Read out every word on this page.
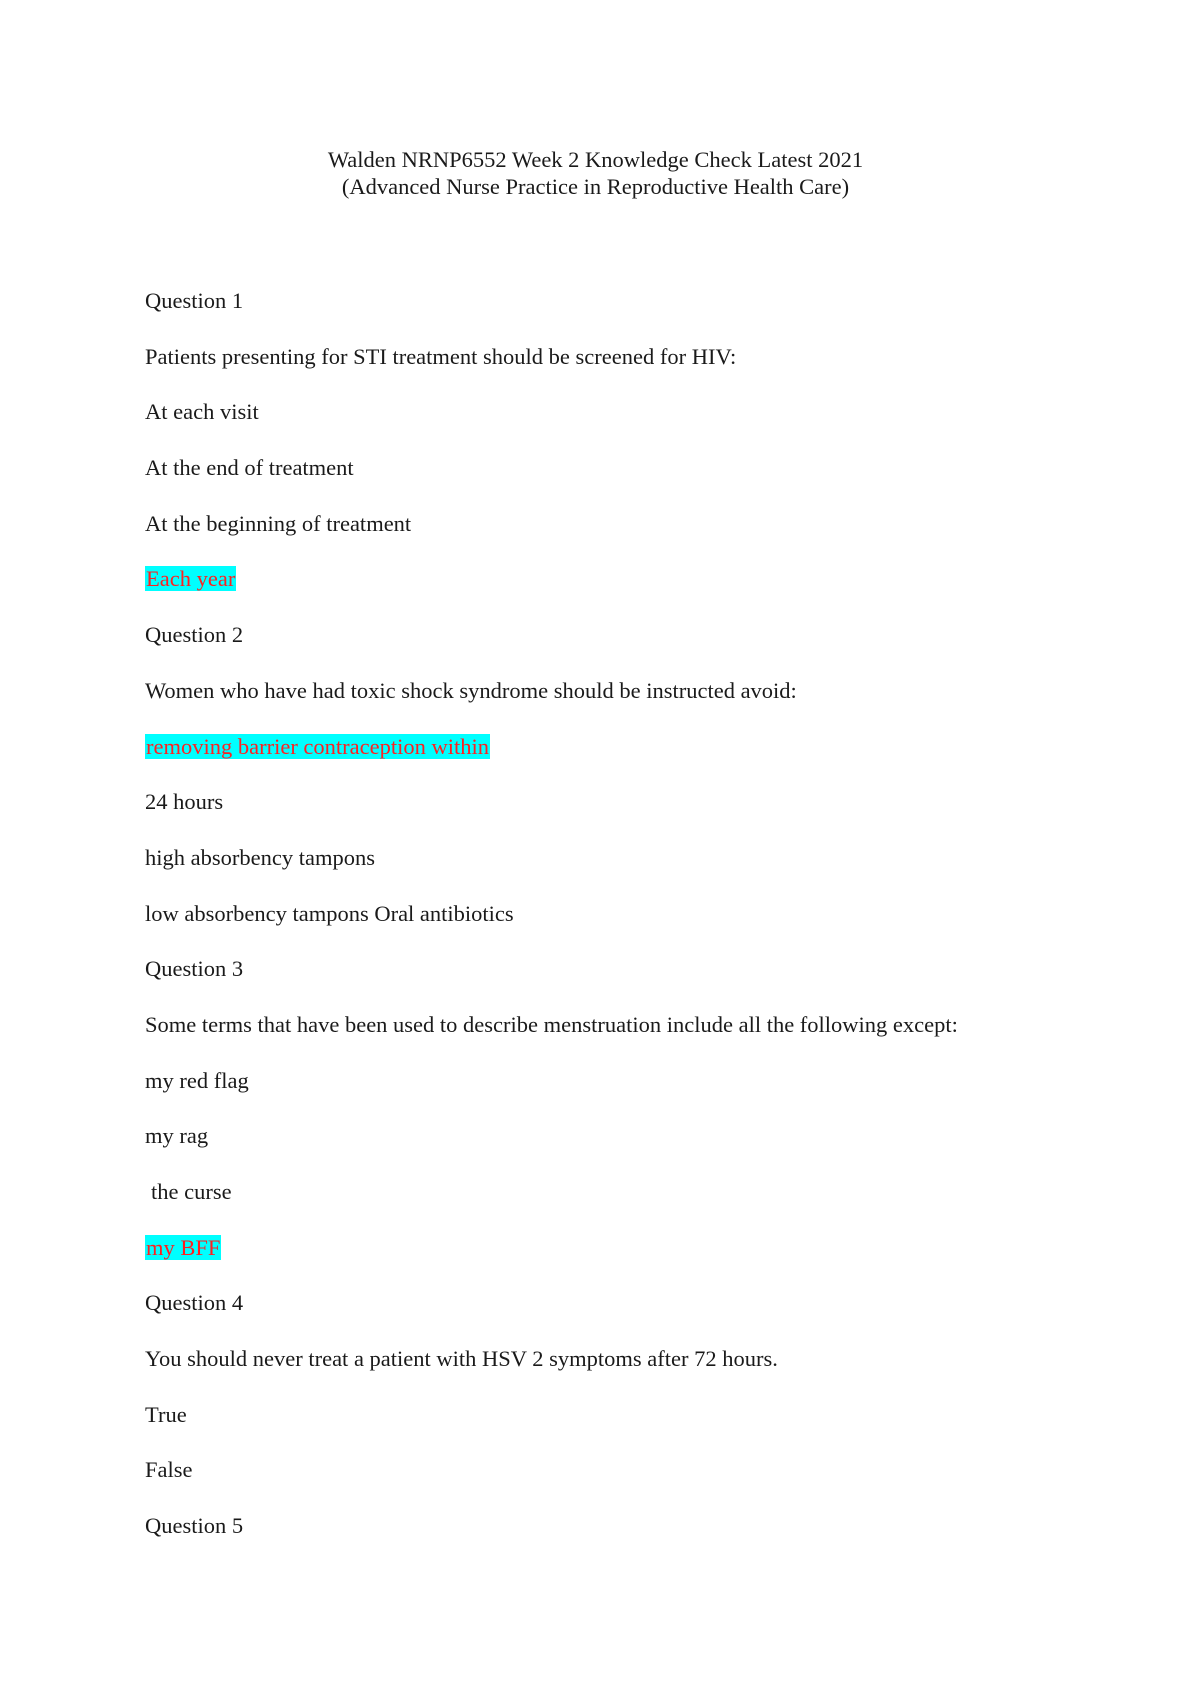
Walden NRNP6552 Week 2 Knowledge Check Latest 2021
(Advanced Nurse Practice in Reproductive Health Care)
Question 1
Patients presenting for STI treatment should be screened for HIV:
At each visit
At the end of treatment
At the beginning of treatment
Each year
Question 2
Women who have had toxic shock syndrome should be instructed avoid:
removing barrier contraception within
24 hours
high absorbency tampons
low absorbency tampons Oral antibiotics
Question 3
Some terms that have been used to describe menstruation include all the following except:
my red flag
my rag
the curse
my BFF
Question 4
You should never treat a patient with HSV 2 symptoms after 72 hours.
True
False
Question 5
